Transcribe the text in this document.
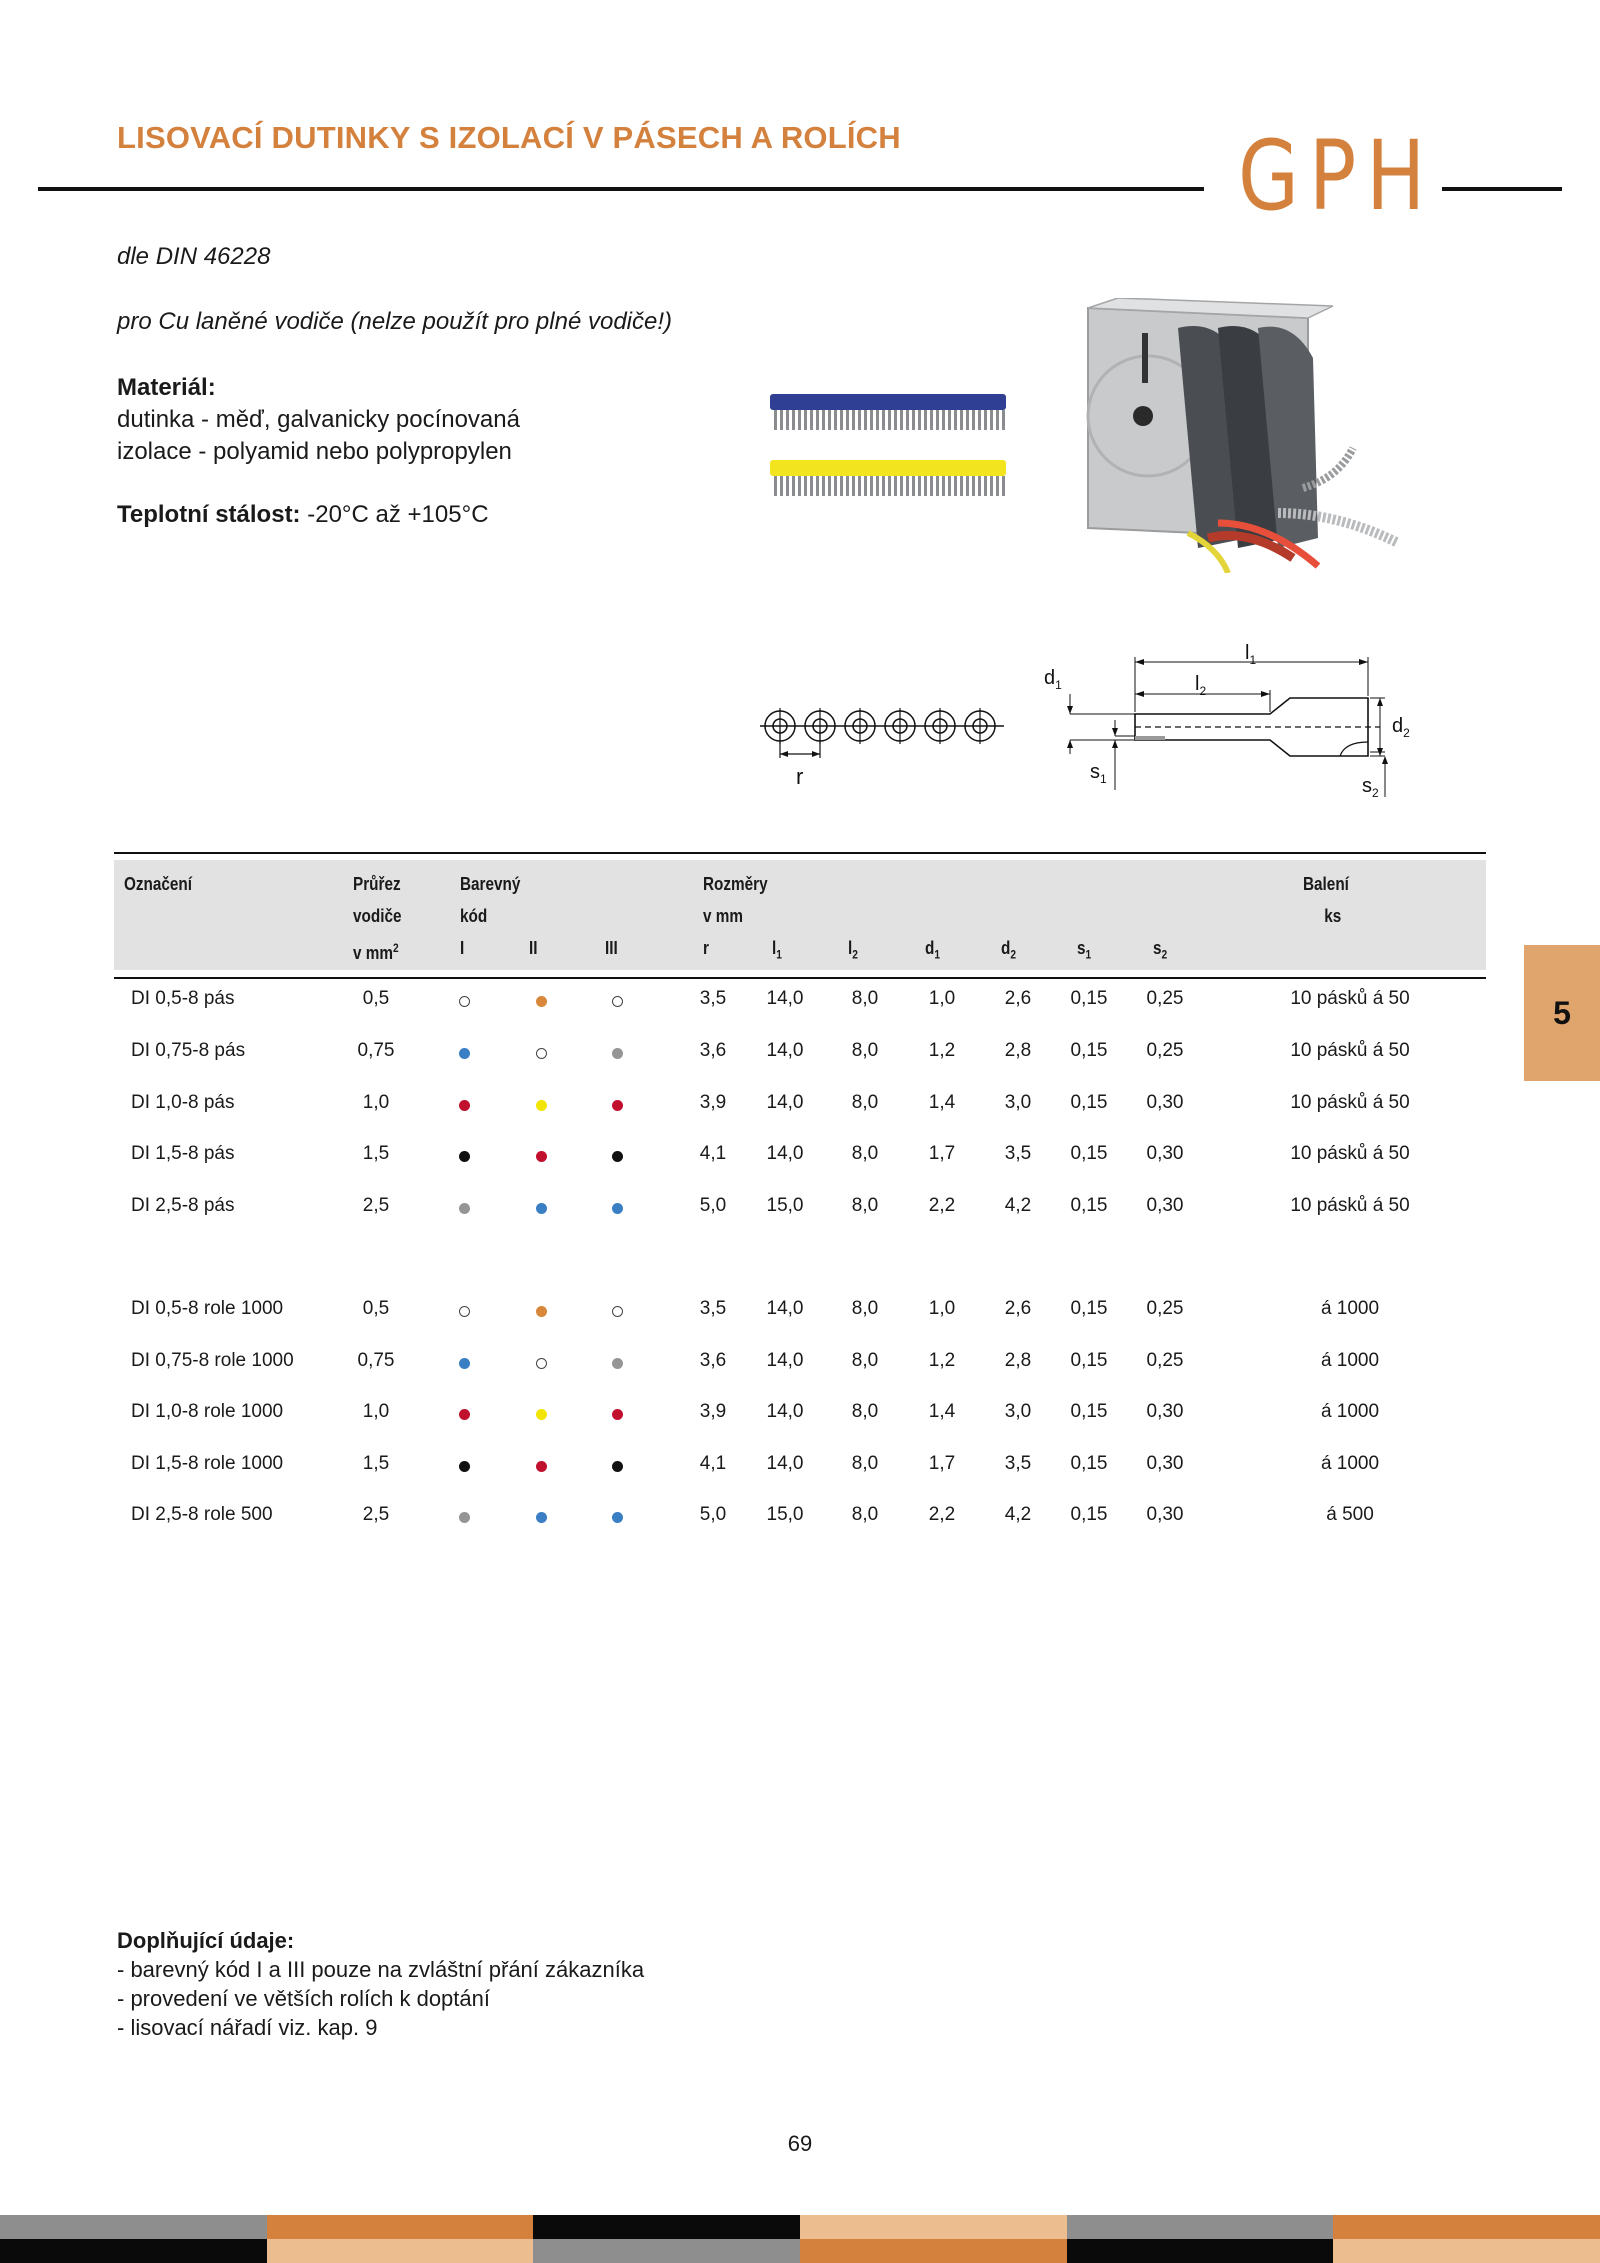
LISOVACÍ DUTINKY S IZOLACÍ V PÁSECH A ROLÍCH	GPH
dle DIN 46228
pro Cu laněné vodiče (nelze použít pro plné vodiče!)
Materiál:
dutinka - měď, galvanicky pocínovaná
izolace - polyamid nebo polypropylen
Teplotní stálost: -20°C až +105°C
5
r
$l_1$
$l_2$
$d_1$
$s_1$
$d_2$
$s_2$
Označení	Průřez
vodiče
v $mm^2$
Barevný
kód
I	II	III
Rozměry
v mm
r	$l_1$	$l_2$	$d_1$	$d_2$	$s_1$	$s_2$
Balení
ks
DI 0,5-8 pás	0,5	3,5	14,0	8,0	1,0	2,6	0,15	0,25	10 pásků á 50
DI 0,75-8 pás	0,75	3,6	14,0	8,0	1,2	2,8	0,15	0,25	10 pásků á 50
DI 1,0-8 pás	1,0	3,9	14,0	8,0	1,4	3,0	0,15	0,30	10 pásků á 50
DI 1,5-8 pás	1,5	4,1	14,0	8,0	1,7	3,5	0,15	0,30	10 pásků á 50
DI 2,5-8 pás	2,5	5,0	15,0	8,0	2,2	4,2	0,15	0,30	10 pásků á 50
DI 0,5-8 role 1000	0,5	3,5	14,0	8,0	1,0	2,6	0,15	0,25	á 1000
DI 0,75-8 role 1000	0,75	3,6	14,0	8,0	1,2	2,8	0,15	0,25	á 1000
DI 1,0-8 role 1000	1,0	3,9	14,0	8,0	1,4	3,0	0,15	0,30	á 1000
DI 1,5-8 role 1000	1,5	4,1	14,0	8,0	1,7	3,5	0,15	0,30	á 1000
DI 2,5-8 role 500	2,5	5,0	15,0	8,0	2,2	4,2	0,15	0,30	á 500
Doplňující údaje:
- barevný kód I a III pouze na zvláštní přání zákazníka
- provedení ve větších rolích k doptání
- lisovací nářadí viz. kap. 9
69
